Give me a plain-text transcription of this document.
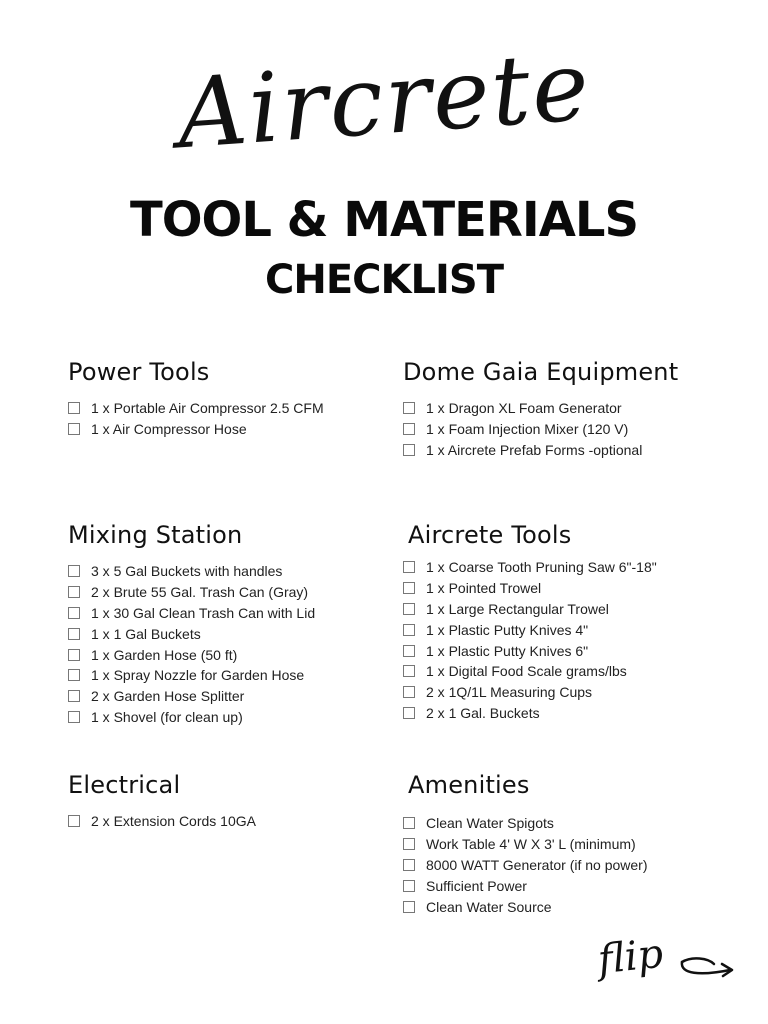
Aircrete
TOOL & MATERIALS
CHECKLIST
Power Tools
1 x Portable Air Compressor 2.5 CFM
1 x Air Compressor Hose
Dome Gaia Equipment
1 x Dragon XL Foam Generator
1 x Foam Injection Mixer (120 V)
1 x Aircrete Prefab Forms -optional
Mixing Station
3 x 5 Gal Buckets with handles
2 x Brute 55 Gal. Trash Can (Gray)
1 x 30 Gal Clean Trash Can with Lid
1 x 1 Gal Buckets
1 x Garden Hose (50 ft)
1 x Spray Nozzle for Garden Hose
2 x Garden Hose Splitter
1 x Shovel (for clean up)
Aircrete Tools
1 x Coarse Tooth Pruning Saw 6"-18"
1 x Pointed Trowel
1 x Large Rectangular Trowel
1 x Plastic Putty Knives 4"
1 x Plastic Putty Knives 6"
1 x Digital Food Scale grams/lbs
2 x 1Q/1L Measuring Cups
2 x 1 Gal. Buckets
Electrical
2 x Extension Cords 10GA
Amenities
Clean Water Spigots
Work Table 4' W X 3' L (minimum)
8000 WATT Generator (if no power)
Sufficient Power
Clean Water Source
flip
